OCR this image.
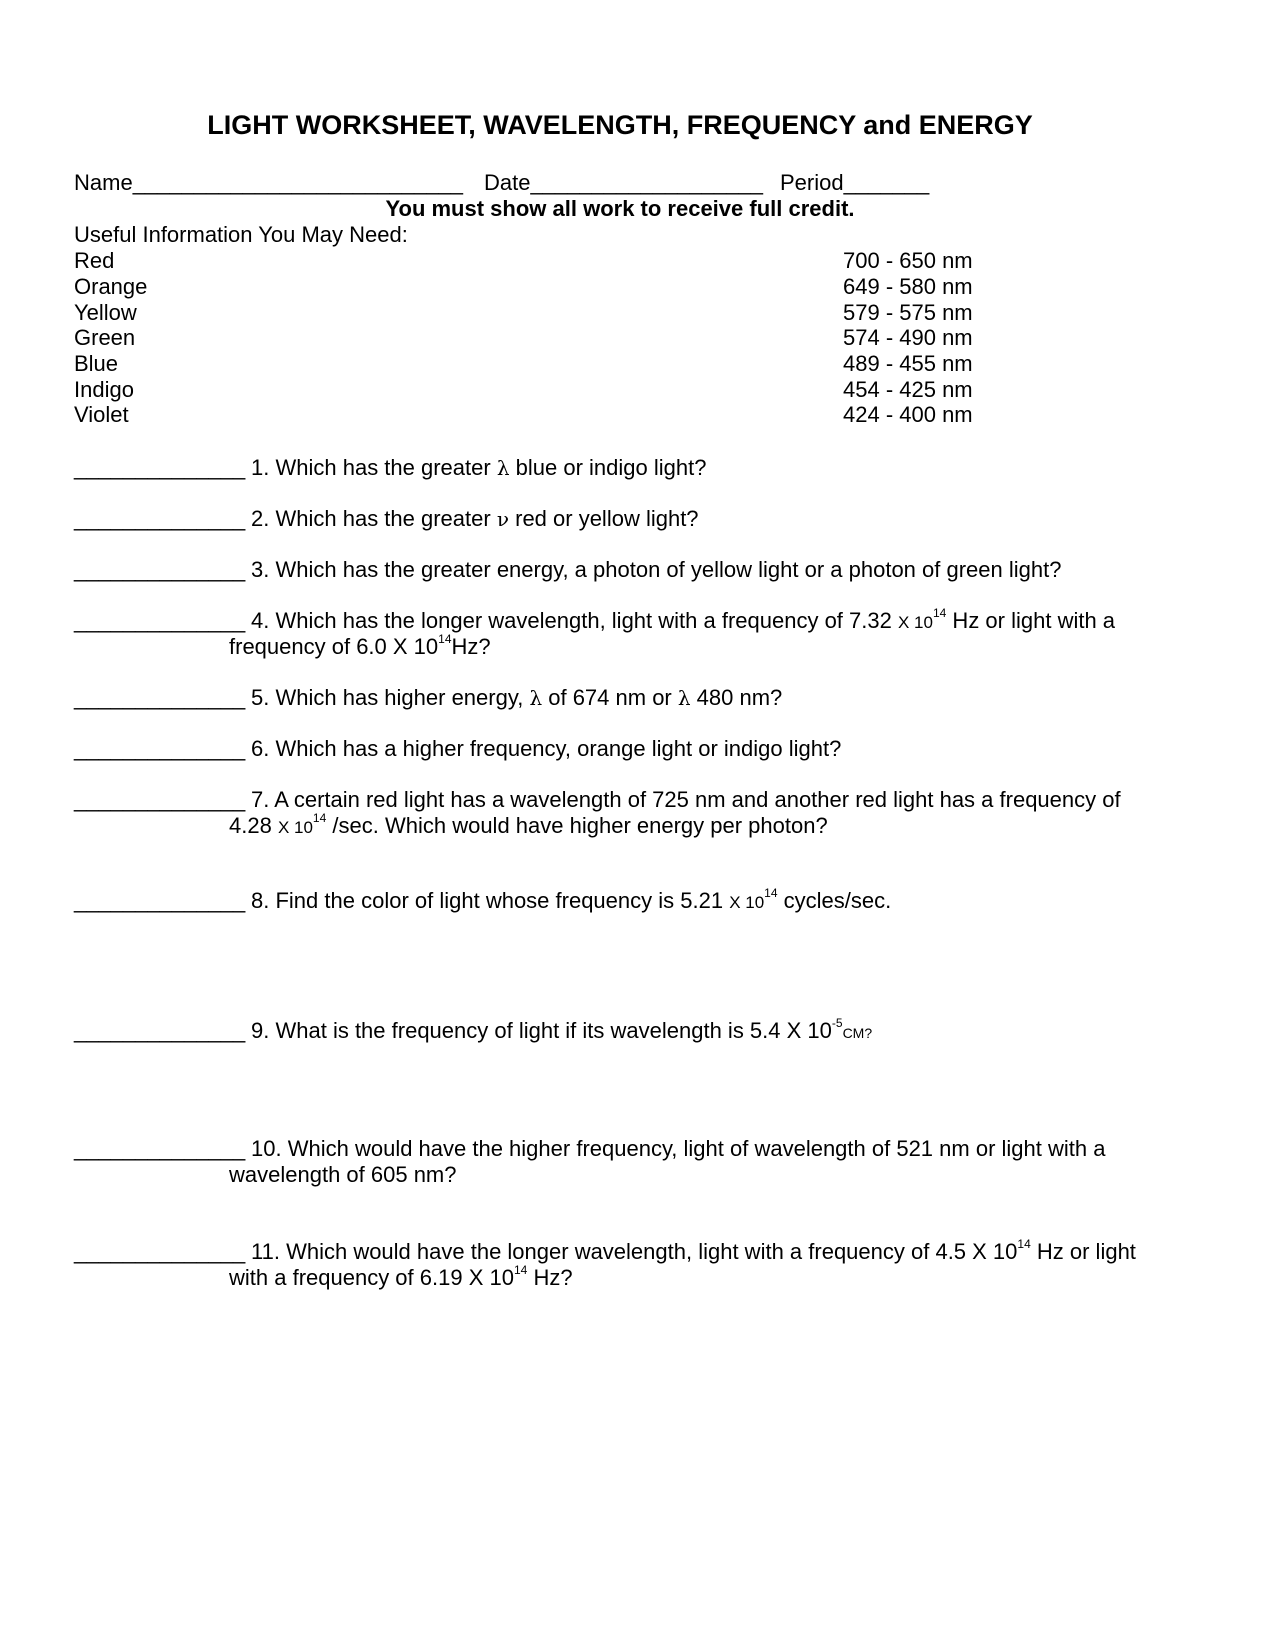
LIGHT WORKSHEET, WAVELENGTH, FREQUENCY and ENERGY
Name___________________________ Date___________________ Period_______
You must show all work to receive full credit.
Useful Information You May Need:
Red	700 - 650 nm
Orange	649 - 580 nm
Yellow	579 - 575 nm
Green	574 - 490 nm
Blue	489 - 455 nm
Indigo	454 - 425 nm
Violet	424 - 400 nm
______________ 1. Which has the greater λ blue or indigo light?
______________ 2. Which has the greater ν red or yellow light?
______________ 3. Which has the greater energy, a photon of yellow light or a photon of green light?
______________ 4. Which has the longer wavelength, light with a frequency of 7.32 X $10^{14}$ Hz or light with a
frequency of 6.0 X $10^{14}Hz$?
______________ 5. Which has higher energy, λ of 674 nm or λ 480 nm?
______________ 6. Which has a higher frequency, orange light or indigo light?
______________ 7. A certain red light has a wavelength of 725 nm and another red light has a frequency of
4.28 X $10^{14}$ /sec. Which would have higher energy per photon?
______________ 8. Find the color of light whose frequency is 5.21 X $10^{14}$ cycles/sec.
______________ 9. What is the frequency of light if its wavelength is 5.4 X $10^{-5}CM$?
______________ 10. Which would have the higher frequency, light of wavelength of 521 nm or light with a
wavelength of 605 nm?
______________ 11. Which would have the longer wavelength, light with a frequency of 4.5 X $10^{14}$ Hz or light
with a frequency of 6.19 X $10^{14}$ Hz?
